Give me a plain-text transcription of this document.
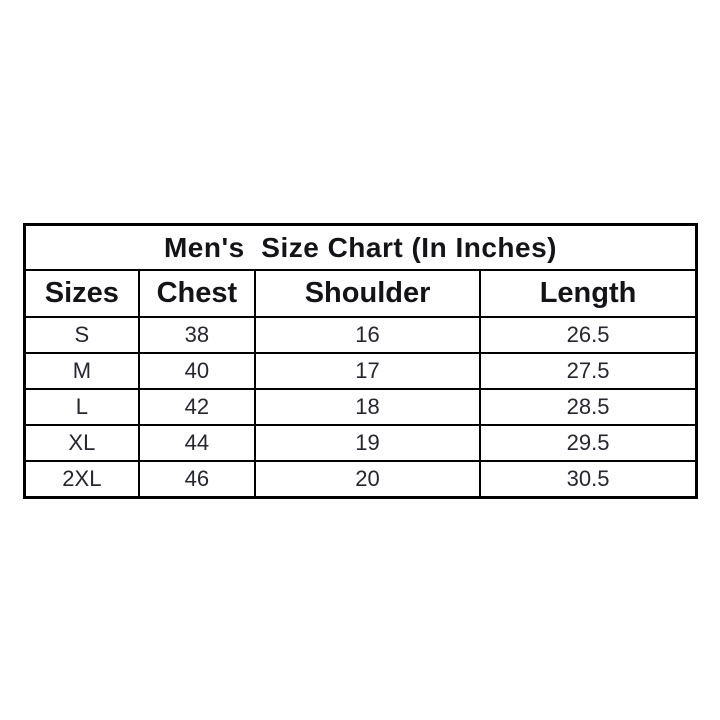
Men's  Size Chart (In Inches)			
Sizes	Chest	Shoulder	Length
S	38	16	26.5
M	40	17	27.5
L	42	18	28.5
XL	44	19	29.5
2XL	46	20	30.5
